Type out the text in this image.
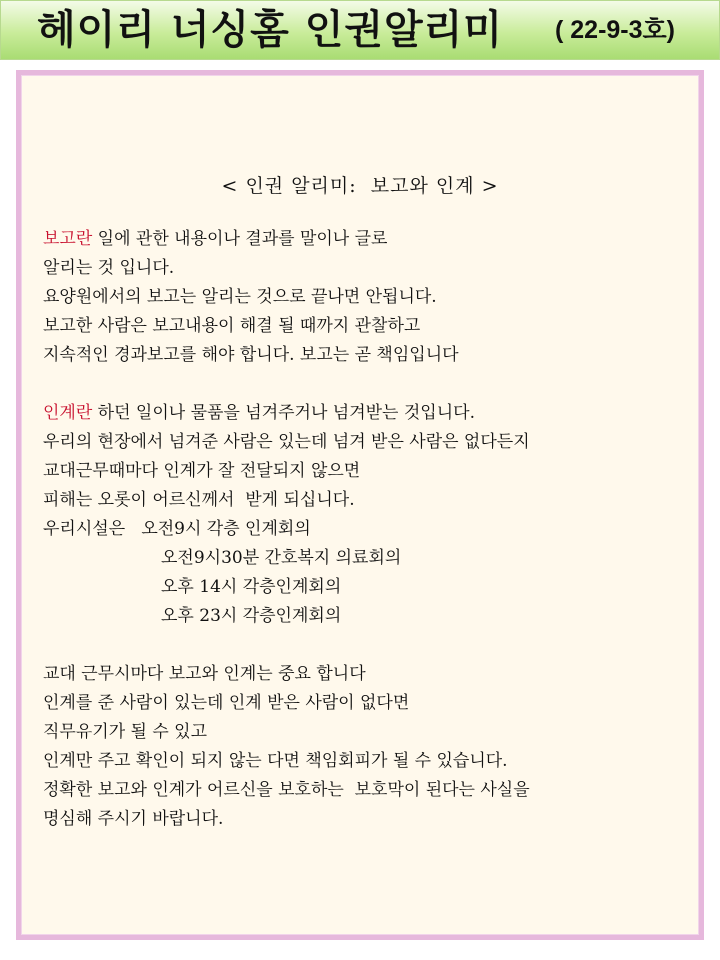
헤이리 너싱홈 인권알리미 ( 22-9-3호)
< 인권 알리미:  보고와 인계 >
보고란 일에 관한 내용이나 결과를 말이나 글로
알리는 것 입니다.
요양원에서의 보고는 알리는 것으로 끝나면 안됩니다.
보고한 사람은 보고내용이 해결 될 때까지 관찰하고
지속적인 경과보고를 해야 합니다. 보고는 곧 책임입니다
인계란 하던 일이나 물품을 넘겨주거나 넘겨받는 것입니다.
우리의 현장에서 넘겨준 사람은 있는데 넘겨 받은 사람은 없다든지
교대근무때마다 인계가 잘 전달되지 않으면
피해는 오롯이 어르신께서  받게 되십니다.
우리시설은   오전9시 각층 인계회의
오전9시30분 간호복지 의료회의
오후 14시 각층인계회의
오후 23시 각층인계회의
교대 근무시마다 보고와 인계는 중요 합니다
인계를 준 사람이 있는데 인계 받은 사람이 없다면
직무유기가 될 수 있고
인계만 주고 확인이 되지 않는 다면 책임회피가 될 수 있습니다.
정확한 보고와 인계가 어르신을 보호하는  보호막이 된다는 사실을
명심해 주시기 바랍니다.
